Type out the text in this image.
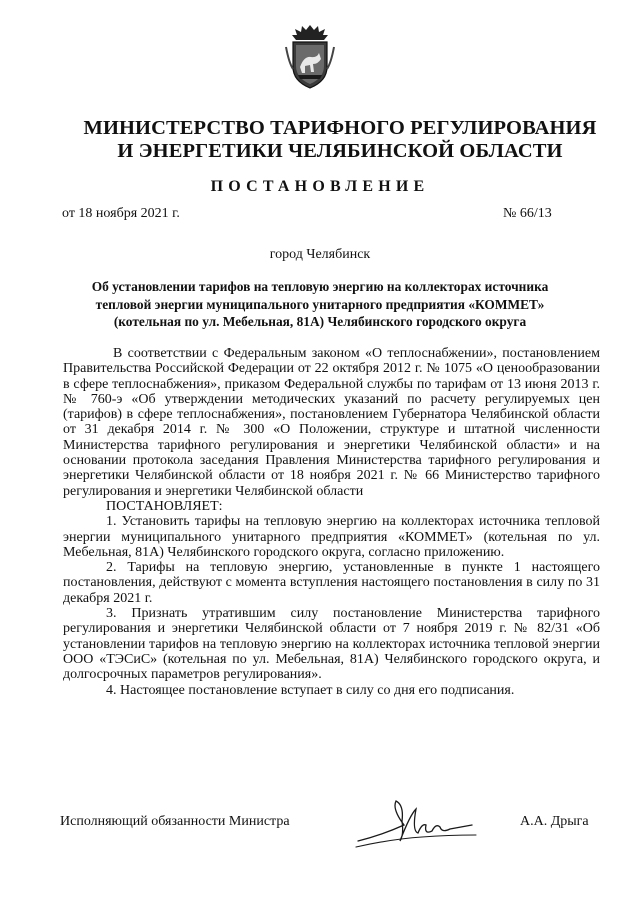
МИНИСТЕРСТВО ТАРИФНОГО РЕГУЛИРОВАНИЯ
И ЭНЕРГЕТИКИ ЧЕЛЯБИНСКОЙ ОБЛАСТИ
ПОСТАНОВЛЕНИЕ
от 18 ноября 2021 г.	№ 66/13
город Челябинск
Об установлении тарифов на тепловую энергию на коллекторах источника
тепловой энергии муниципального унитарного предприятия «КОММЕТ»
(котельная по ул. Мебельная, 81А) Челябинского городского округа

В соответствии с Федеральным законом «О теплоснабжении», постановлением Правительства Российской Федерации от 22 октября 2012 г. № 1075 «О ценообразовании в сфере теплоснабжения», приказом Федеральной службы по тарифам от 13 июня 2013 г. № 760-э «Об утверждении методических указаний по расчету регулируемых цен (тарифов) в сфере теплоснабжения», постановлением Губернатора Челябинской области от 31 декабря 2014 г. № 300 «О Положении, структуре и штатной численности Министерства тарифного регулирования и энергетики Челябинской области» и на основании протокола заседания Правления Министерства тарифного регулирования и энергетики Челябинской области от 18 ноября 2021 г. № 66 Министерство тарифного регулирования и энергетики Челябинской области

ПОСТАНОВЛЯЕТ:

1. Установить тарифы на тепловую энергию на коллекторах источника тепловой энергии муниципального унитарного предприятия «КОММЕТ» (котельная по ул. Мебельная, 81А) Челябинского городского округа, согласно приложению.

2. Тарифы на тепловую энергию, установленные в пункте 1 настоящего постановления, действуют с момента вступления настоящего постановления в силу по 31 декабря 2021 г.

3. Признать утратившим силу постановление Министерства тарифного регулирования и энергетики Челябинской области от 7 ноября 2019 г. № 82/31 «Об установлении тарифов на тепловую энергию на коллекторах источника тепловой энергии ООО «ТЭСиС» (котельная по ул. Мебельная, 81А) Челябинского городского округа, и долгосрочных параметров регулирования».

4. Настоящее постановление вступает в силу со дня его подписания.

Исполняющий обязанности Министра	А.А. Дрыга
